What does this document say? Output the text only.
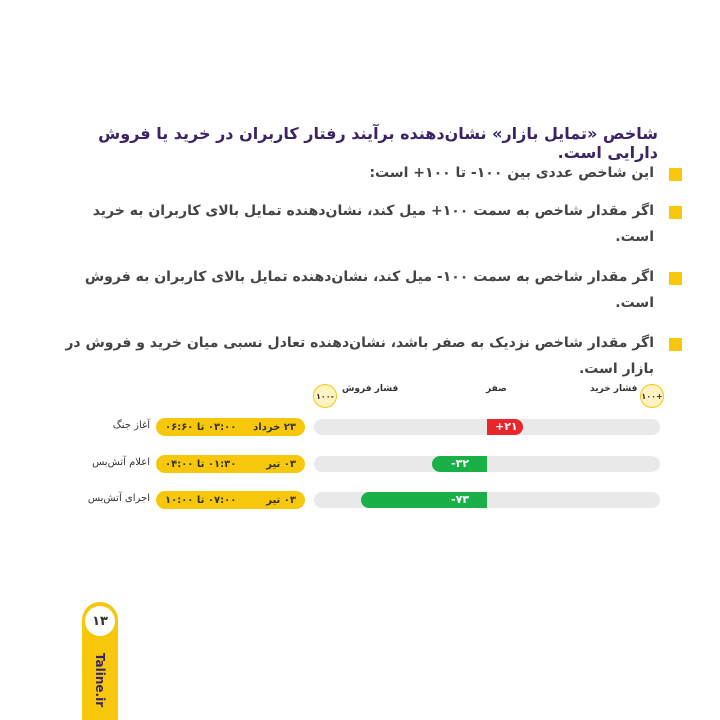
شاخص «تمایل بازار» نشان‌دهنده برآیند رفتار کاربران در خرید یا فروش دارایی است.
این شاخص عددی بین ۱۰۰- تا ۱۰۰+ است:
اگر مقدار شاخص به سمت ۱۰۰+ میل کند، نشان‌دهنده تمایل بالای کاربران به خرید است.
اگر مقدار شاخص به سمت ۱۰۰- میل کند، نشان‌دهنده تمایل بالای کاربران به فروش است.
اگر مقدار شاخص نزدیک به صفر باشد، نشان‌دهنده تعادل نسبی میان خرید و فروش در بازار است.
۱۰۰+
فشار خرید
صفر
فشار فروش
۱۰۰-
+۲۱
۲۳ خرداد
۰۳:۰۰ تا ۰۶:۶۰
آغاز جنگ
-۳۲
۰۳ تیر
۰۱:۳۰ تا ۰۴:۰۰
اعلام آتش‌بس
-۷۳
۰۳ تیر
۰۷:۰۰ تا ۱۰:۰۰
اجرای آتش‌بس
۱۳
Taline.ir
